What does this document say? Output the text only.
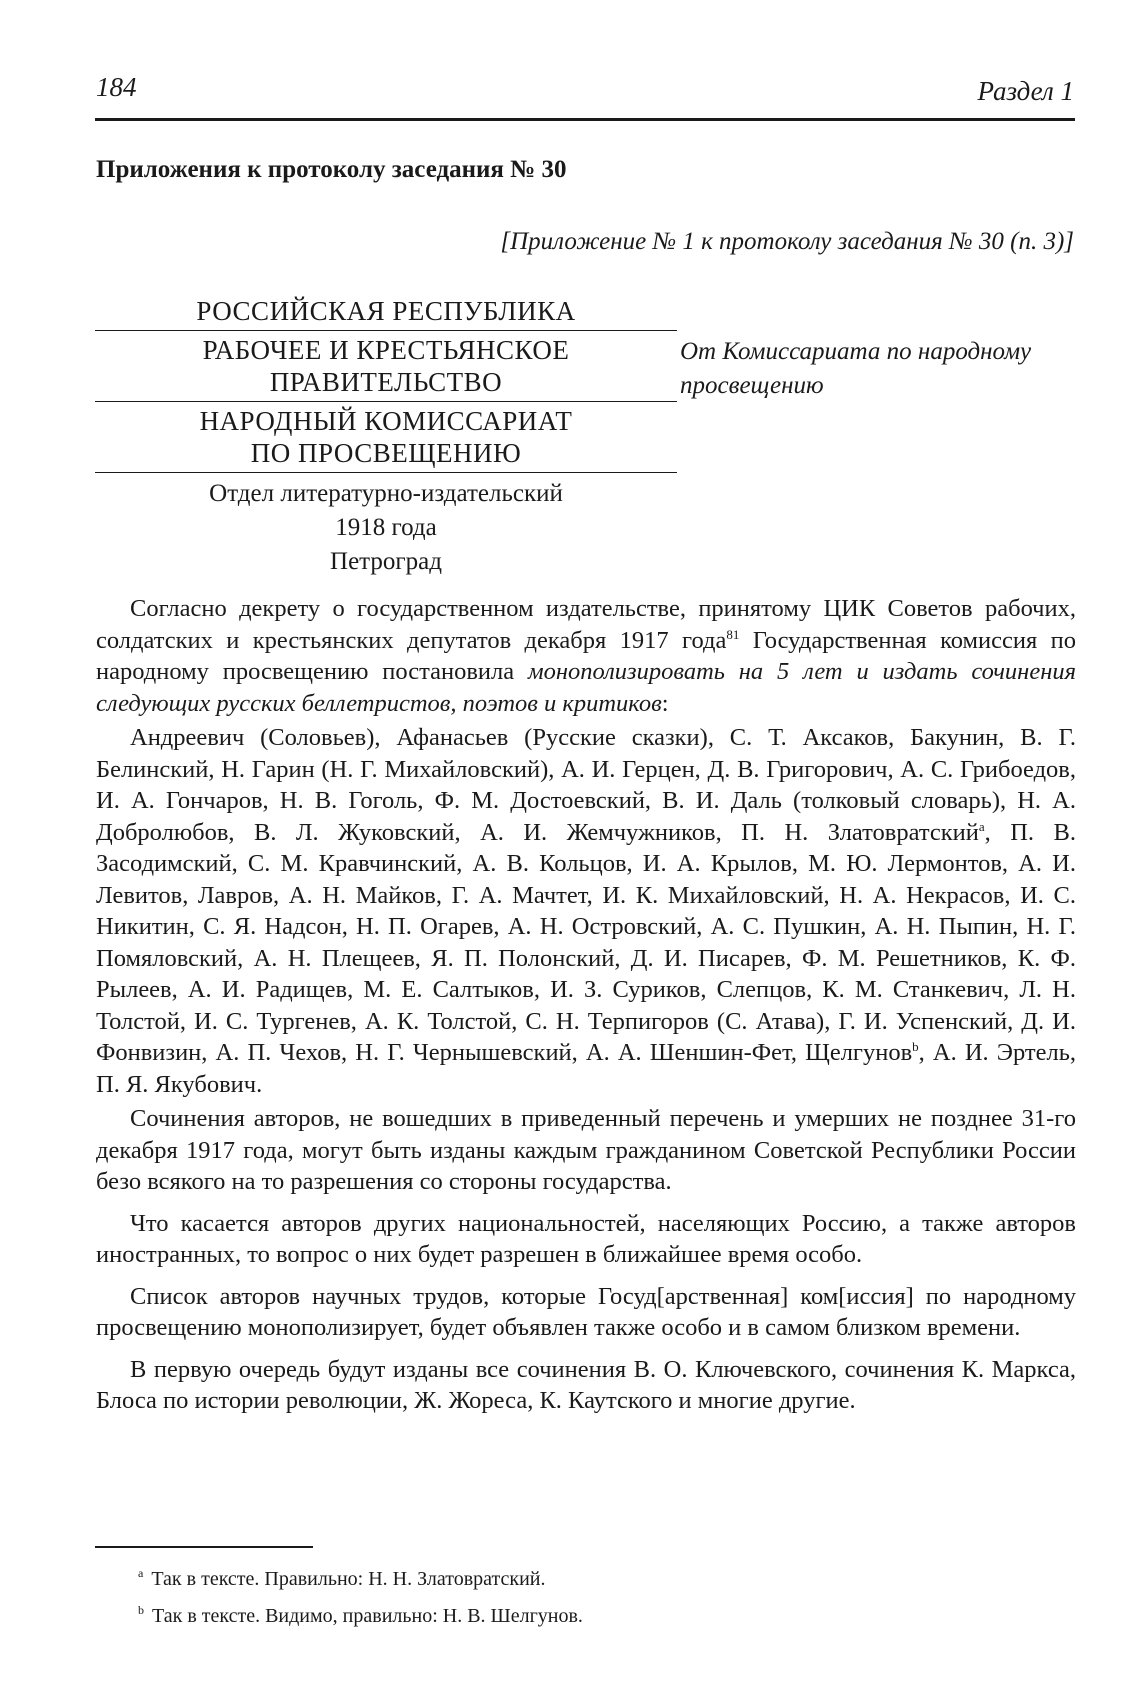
184	Раздел 1
Приложения к протоколу заседания № 30
[Приложение № 1 к протоколу заседания № 30 (п. 3)]
РОССИЙСКАЯ РЕСПУБЛИКА
РАБОЧЕЕ И КРЕСТЬЯНСКОЕ
ПРАВИТЕЛЬСТВО
НАРОДНЫЙ КОМИССАРИАТ
ПО ПРОСВЕЩЕНИЮ
Отдел литературно-издательский
1918 года
Петроград
От Комиссариата по народному просвещению

Согласно декрету о государственном издательстве, принятому ЦИК Советов рабочих, солдатских и крестьянских депутатов декабря 1917 года$^{81}$ Государственная комиссия по народному просвещению постановила монополизировать на 5 лет и издать сочинения следующих русских беллетристов, поэтов и критиков:

Андреевич (Соловьев), Афанасьев (Русские сказки), С. Т. Аксаков, Бакунин, В. Г. Белинский, Н. Гарин (Н. Г. Михайловский), А. И. Герцен, Д. В. Григорович, А. С. Грибоедов, И. А. Гончаров, Н. В. Гоголь, Ф. М. Достоевский, В. И. Даль (толковый словарь), Н. А. Добролюбов, В. Л. Жуковский, А. И. Жемчужников, П. Н. Златовратский$^a$, П. В. Засодимский, С. М. Кравчинский, А. В. Кольцов, И. А. Крылов, М. Ю. Лермонтов, А. И. Левитов, Лавров, А. Н. Майков, Г. А. Мачтет, И. К. Михайловский, Н. А. Некрасов, И. С. Никитин, С. Я. Надсон, Н. П. Огарев, А. Н. Островский, А. С. Пушкин, А. Н. Пыпин, Н. Г. Помяловский, А. Н. Плещеев, Я. П. Полонский, Д. И. Писарев, Ф. М. Решетников, К. Ф. Рылеев, А. И. Радищев, М. Е. Салтыков, И. З. Суриков, Слепцов, К. М. Станкевич, Л. Н. Толстой, И. С. Тургенев, А. К. Толстой, С. Н. Терпигоров (С. Атава), Г. И. Успенский, Д. И. Фонвизин, А. П. Чехов, Н. Г. Чернышевский, А. А. Шеншин-Фет, Щелгунов$^b$, А. И. Эртель, П. Я. Якубович.

Сочинения авторов, не вошедших в приведенный перечень и умерших не позднее 31-го декабря 1917 года, могут быть изданы каждым гражданином Советской Республики России безо всякого на то разрешения со стороны государства.

Что касается авторов других национальностей, населяющих Россию, а также авторов иностранных, то вопрос о них будет разрешен в ближайшее время особо.

Список авторов научных трудов, которые Госуд[арственная] ком[иссия] по народному просвещению монополизирует, будет объявлен также особо и в самом близком времени.

В первую очередь будут изданы все сочинения В. О. Ключевского, сочинения К. Маркса, Блоса по истории революции, Ж. Жореса, К. Каутского и многие другие.

$^a$ Так в тексте. Правильно: Н. Н. Златовратский.
$^b$ Так в тексте. Видимо, правильно: Н. В. Шелгунов.
